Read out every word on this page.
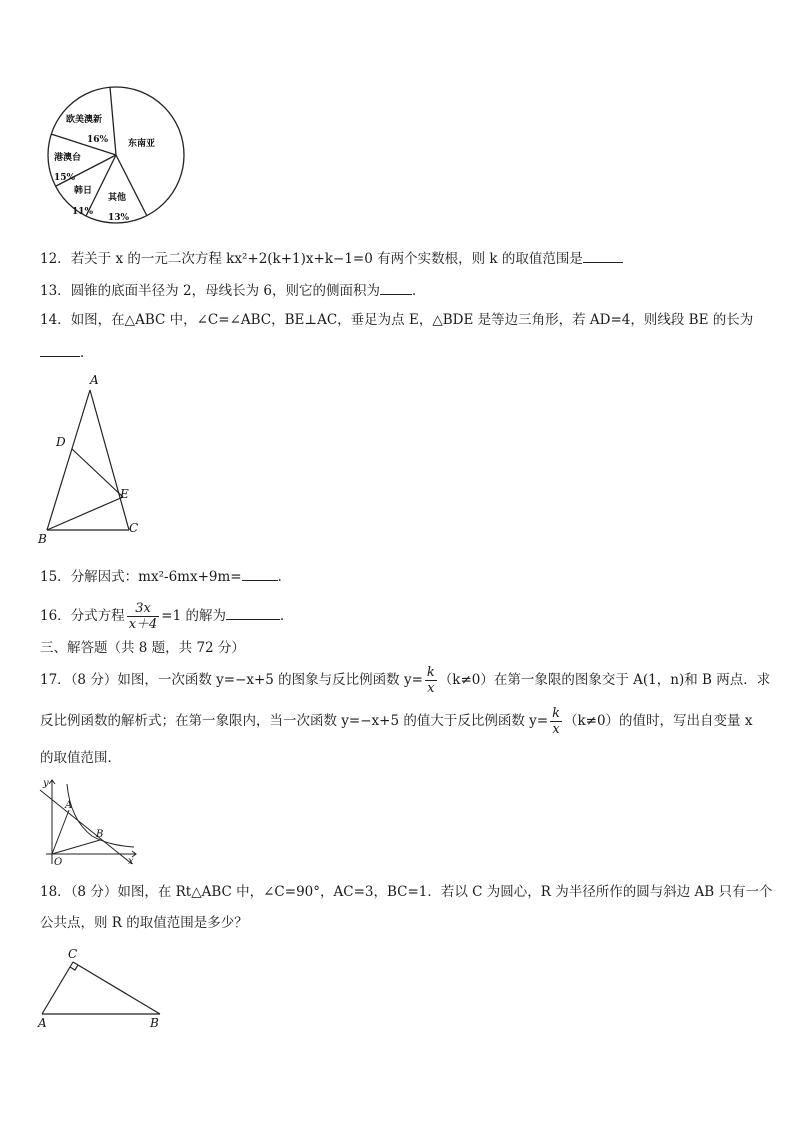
欧美澳新
16%
港澳台
15%
韩日
11%
其他
13%
东南亚
12．若关于 x 的一元二次方程 kx²+2(k+1)x+k−1=0 有两个实数根，则 k 的取值范围是
13．圆锥的底面半径为 2，母线长为 6，则它的侧面积为 ．
14．如图，在△ABC 中，∠C=∠ABC，BE⊥AC，垂足为点 E，△BDE 是等边三角形，若 AD=4，则线段 BE 的长为
．
A
D
E
B
C
15．分解因式：mx²-6mx+9m=	．
16．分式方程 $\frac{3x}{x+4} =1$ 的解为	．
三、解答题（共 8 题，共 72 分）
17．（8 分）如图，一次函数 y=−x+5 的图象与反比例函数 $y= \frac{k}{x} (k\ne 0)$在第一象限的图象交于 A(1，n)和 B 两点．求
反比例函数的解析式；在第一象限内，当一次函数 y=−x+5 的值大于反比例函数 $y= \frac{k}{x} (k\ne 0)$的值时，写出自变量 x
的取值范围．
y
x
O
A
B
18．（8 分）如图，在 Rt△ABC 中，∠C=90°，AC=3，BC=1．若以 C 为圆心，R 为半径所作的圆与斜边 AB 只有一个
公共点，则 R 的取值范围是多少？
C
A	B
